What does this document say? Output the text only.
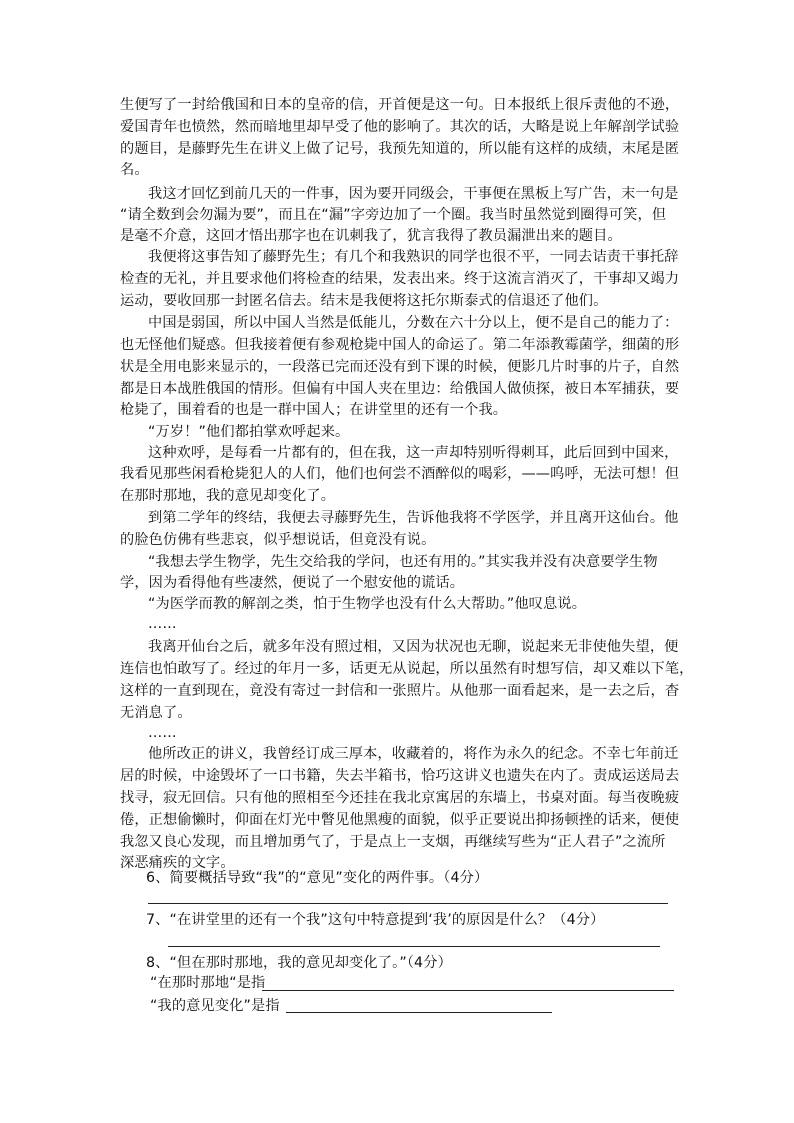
生便写了一封给俄国和日本的皇帝的信，开首便是这一句。日本报纸上很斥责他的不逊，
爱国青年也愤然，然而暗地里却早受了他的影响了。其次的话，大略是说上年解剖学试验
的题目，是藤野先生在讲义上做了记号，我预先知道的，所以能有这样的成绩，末尾是匿
名。
我这才回忆到前几天的一件事，因为要开同级会，干事便在黑板上写广告，末一句是
“请全数到会勿漏为要”，而且在“漏”字旁边加了一个圈。我当时虽然觉到圈得可笑，但
是毫不介意，这回才悟出那字也在讥刺我了，犹言我得了教员漏泄出来的题目。
我便将这事告知了藤野先生；有几个和我熟识的同学也很不平，一同去诘责干事托辞
检查的无礼，并且要求他们将检查的结果，发表出来。终于这流言消灭了，干事却又竭力
运动，要收回那一封匿名信去。结末是我便将这托尔斯泰式的信退还了他们。
中国是弱国，所以中国人当然是低能儿，分数在六十分以上，便不是自己的能力了：
也无怪他们疑惑。但我接着便有参观枪毙中国人的命运了。第二年添教霉菌学，细菌的形
状是全用电影来显示的，一段落已完而还没有到下课的时候，便影几片时事的片子，自然
都是日本战胜俄国的情形。但偏有中国人夹在里边：给俄国人做侦探，被日本军捕获，要
枪毙了，围着看的也是一群中国人；在讲堂里的还有一个我。
“万岁！”他们都拍掌欢呼起来。
这种欢呼，是每看一片都有的，但在我，这一声却特别听得刺耳，此后回到中国来，
我看见那些闲看枪毙犯人的人们，他们也何尝不酒醉似的喝彩，——呜呼，无法可想！但
在那时那地，我的意见却变化了。
到第二学年的终结，我便去寻藤野先生，告诉他我将不学医学，并且离开这仙台。他
的脸色仿佛有些悲哀，似乎想说话，但竟没有说。
“我想去学生物学，先生交给我的学问，也还有用的。”其实我并没有决意要学生物
学，因为看得他有些凄然，便说了一个慰安他的谎话。
“为医学而教的解剖之类，怕于生物学也没有什么大帮助。”他叹息说。
……
我离开仙台之后，就多年没有照过相，又因为状况也无聊，说起来无非使他失望，便
连信也怕敢写了。经过的年月一多，话更无从说起，所以虽然有时想写信，却又难以下笔，
这样的一直到现在，竟没有寄过一封信和一张照片。从他那一面看起来，是一去之后，杳
无消息了。
……
他所改正的讲义，我曾经订成三厚本，收藏着的，将作为永久的纪念。不幸七年前迁
居的时候，中途毁坏了一口书籍，失去半箱书，恰巧这讲义也遗失在内了。责成运送局去
找寻，寂无回信。只有他的照相至今还挂在我北京寓居的东墙上，书桌对面。每当夜晚疲
倦，正想偷懒时，仰面在灯光中瞥见他黑瘦的面貌，似乎正要说出抑扬顿挫的话来，便使
我忽又良心发现，而且增加勇气了，于是点上一支烟，再继续写些为“正人君子”之流所
深恶痛疾的文字。
6、简要概括导致“我”的“意见”变化的两件事。（4分）
7、“在讲堂里的还有一个我”这句中特意提到‘我’的原因是什么？（4分）
8、“但在那时那地，我的意见却变化了。”（4分）
“在那时那地“是指
“我的意见变化”是指
